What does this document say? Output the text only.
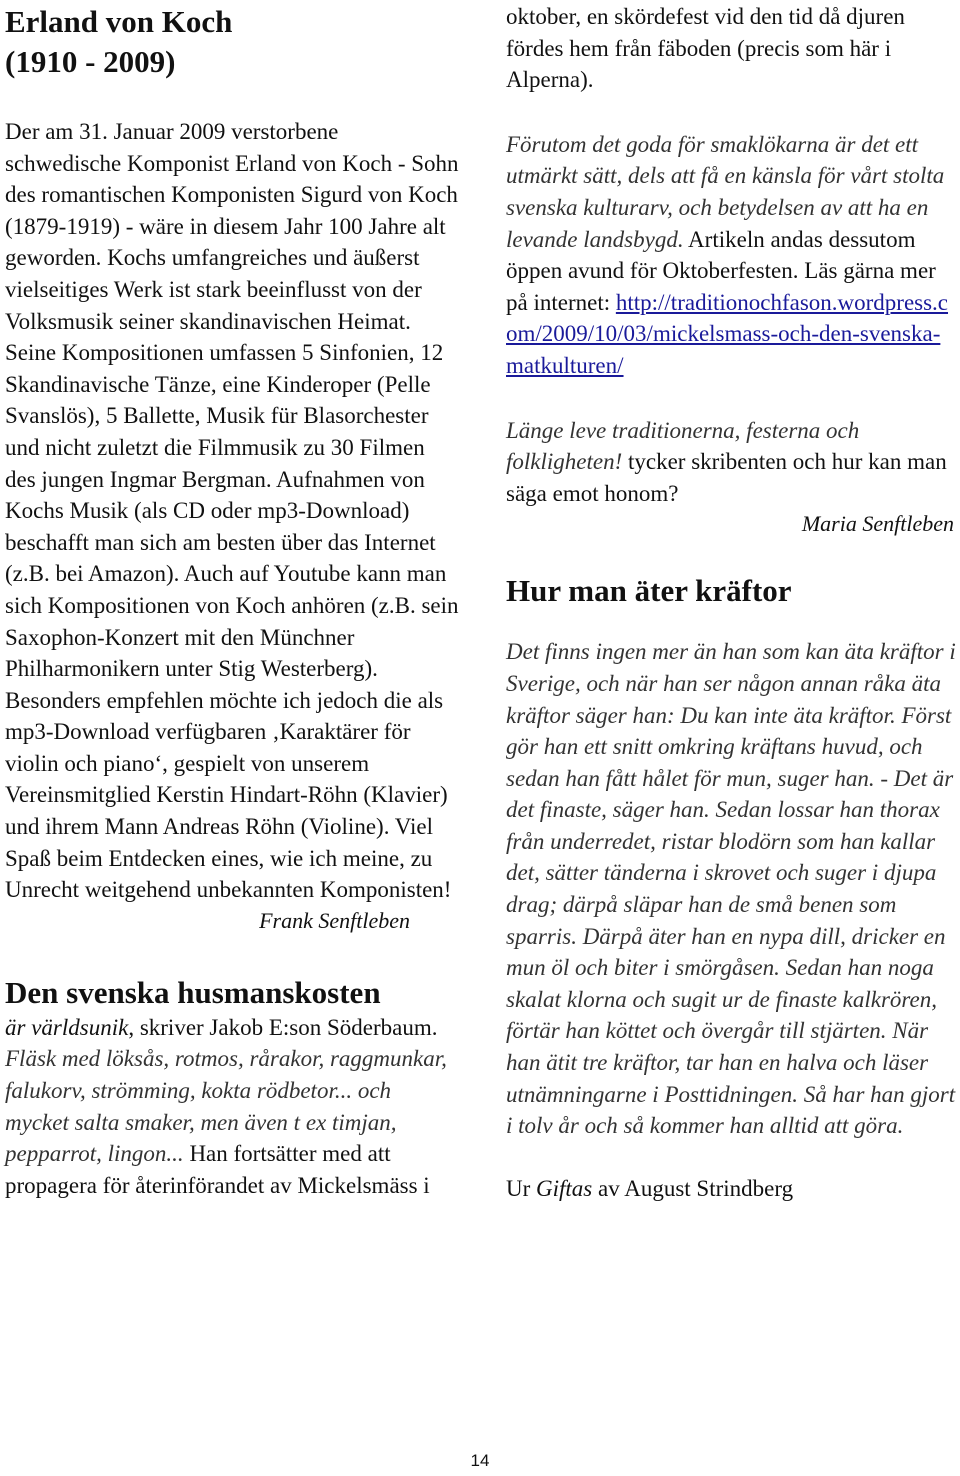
Erland von Koch
(1910 - 2009)

Der am 31. Januar 2009 verstorbene schwedische Komponist Erland von Koch - Sohn des romantischen Komponisten Sigurd von Koch (1879-1919) - wäre in diesem Jahr 100 Jahre alt geworden. Kochs umfangreiches und äußerst vielseitiges Werk ist stark beeinflusst von der Volksmusik seiner skandinavischen Heimat. Seine Kompositionen umfassen 5 Sinfonien, 12 Skandinavische Tänze, eine Kinderoper (Pelle Svanslös), 5 Ballette, Musik für Blasorchester und nicht zuletzt die Filmmusik zu 30 Filmen des jungen Ingmar Bergman. Aufnahmen von Kochs Musik (als CD oder mp3-Download) beschafft man sich am besten über das Internet (z.B. bei Amazon). Auch auf Youtube kann man sich Kompositionen von Koch anhören (z.B. sein Saxophon-Konzert mit den Münchner Philharmonikern unter Stig Westerberg). Besonders empfehlen möchte ich jedoch die als mp3-Download verfügbaren ‚Karaktärer för violin och piano‘, gespielt von unserem Vereinsmitglied Kerstin Hindart-Röhn (Klavier) und ihrem Mann Andreas Röhn (Violine). Viel Spaß beim Entdecken eines, wie ich meine, zu Unrecht weitgehend unbekannten Komponisten!

Frank Senftleben

Den svenska husmanskosten

är världsunik, skriver Jakob E:son Söderbaum. Fläsk med löksås, rotmos, rårakor, raggmunkar, falukorv, strömming, kokta rödbetor... och mycket salta smaker, men även t ex timjan, pepparrot, lingon... Han fortsätter med att propagera för återinförandet av Mickelsmäss i

oktober, en skördefest vid den tid då djuren fördes hem från fäboden (precis som här i Alperna).

Förutom det goda för smaklökarna är det ett utmärkt sätt, dels att få en känsla för vårt stolta svenska kulturarv, och betydelsen av att ha en levande landsbygd. Artikeln andas dessutom öppen avund för Oktoberfesten. Läs gärna mer på internet: http://traditionochfason.wordpress.com/2009/10/03/mickelsmass-och-den-svenska-matkulturen/

Länge leve traditionerna, festerna och folkligheten! tycker skribenten och hur kan man säga emot honom?

Maria Senftleben

Hur man äter kräftor

Det finns ingen mer än han som kan äta kräftor i Sverige, och när han ser någon annan råka äta kräftor säger han: Du kan inte äta kräftor. Först gör han ett snitt omkring kräftans huvud, och sedan han fått hålet för mun, suger han. - Det är det finaste, säger han. Sedan lossar han thorax från underredet, ristar blodörn som han kallar det, sätter tänderna i skrovet och suger i djupa drag; därpå släpar han de små benen som sparris. Därpå äter han en nypa dill, dricker en mun öl och biter i smörgåsen. Sedan han noga skalat klorna och sugit ur de finaste kalkrören, förtär han köttet och övergår till stjärten. När han ätit tre kräftor, tar han en halva och läser utnämningarne i Posttidningen. Så har han gjort i tolv år och så kommer han alltid att göra.

Ur Giftas av August Strindberg

14
